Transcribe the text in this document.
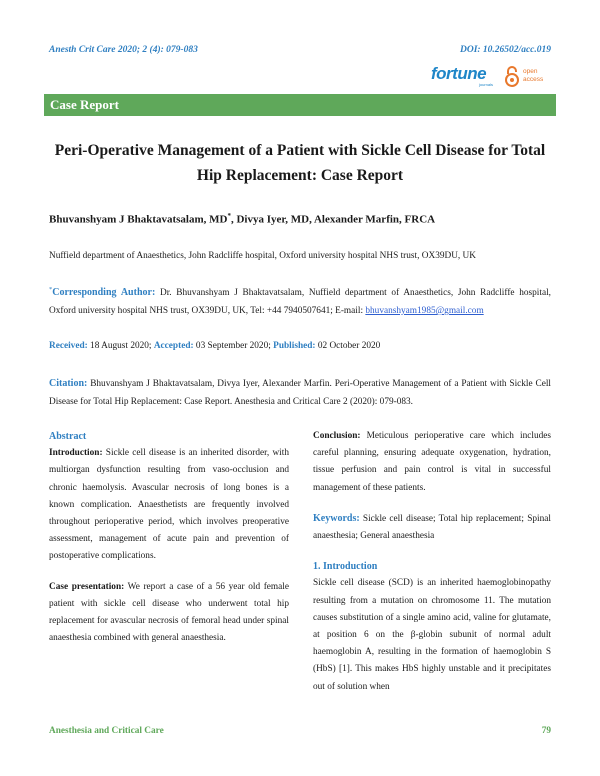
Anesth Crit Care 2020; 2 (4): 079-083	DOI: 10.26502/acc.019
fortune
journals
open
access
Case Report
Peri-Operative Management of a Patient with Sickle Cell Disease for Total Hip Replacement: Case Report
Bhuvanshyam J Bhaktavatsalam, MD*, Divya Iyer, MD, Alexander Marfin, FRCA
Nuffield department of Anaesthetics, John Radcliffe hospital, Oxford university hospital NHS trust, OX39DU, UK
*Corresponding Author: Dr. Bhuvanshyam J Bhaktavatsalam, Nuffield department of Anaesthetics, John Radcliffe hospital, Oxford university hospital NHS trust, OX39DU, UK, Tel: +44 7940507641; E-mail: bhuvanshyam1985@gmail.com
Received: 18 August 2020; Accepted: 03 September 2020; Published: 02 October 2020
Citation: Bhuvanshyam J Bhaktavatsalam, Divya Iyer, Alexander Marfin. Peri-Operative Management of a Patient with Sickle Cell Disease for Total Hip Replacement: Case Report. Anesthesia and Critical Care 2 (2020): 079-083.

Abstract

Introduction: Sickle cell disease is an inherited disorder, with multiorgan dysfunction resulting from vaso-occlusion and chronic haemolysis. Avascular necrosis of long bones is a known complication. Anaesthetists are frequently involved throughout perioperative period, which involves preoperative assessment, management of acute pain and prevention of postoperative complications.

Case presentation: We report a case of a 56 year old female patient with sickle cell disease who underwent total hip replacement for avascular necrosis of femoral head under spinal anaesthesia combined with general anaesthesia.

Conclusion: Meticulous perioperative care which includes careful planning, ensuring adequate oxygenation, hydration, tissue perfusion and pain control is vital in successful management of these patients.

Keywords: Sickle cell disease; Total hip replacement; Spinal anaesthesia; General anaesthesia

1. Introduction

Sickle cell disease (SCD) is an inherited haemoglobinopathy resulting from a mutation on chromosome 11. The mutation causes substitution of a single amino acid, valine for glutamate, at position 6 on the β-globin subunit of normal adult haemoglobin A, resulting in the formation of haemoglobin S (HbS) [1]. This makes HbS highly unstable and it precipitates out of solution when

Anesthesia and Critical Care	79
